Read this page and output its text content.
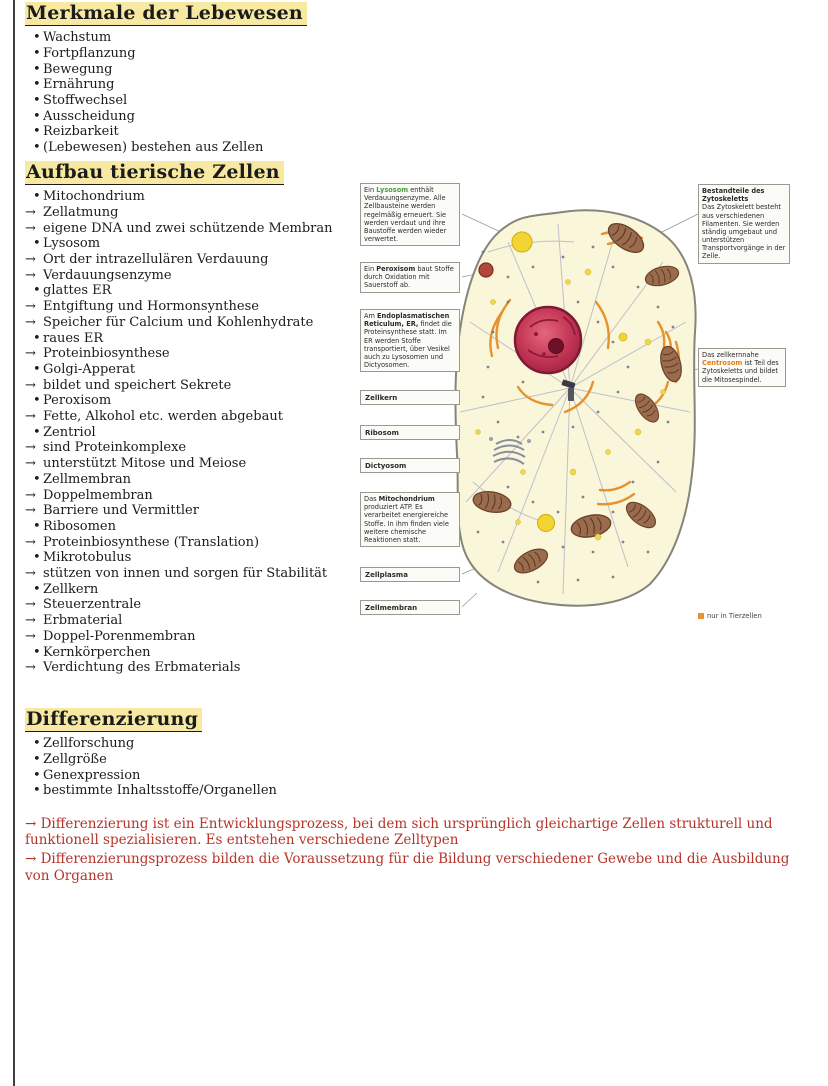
Merkmale der Lebewesen
• Wachstum
• Fortpflanzung
• Bewegung
• Ernährung
• Stoffwechsel
• Ausscheidung
• Reizbarkeit
• (Lebewesen) bestehen aus Zellen
Aufbau tierische Zellen
• Mitochondrium
→ Zellatmung
→ eigene DNA und zwei schützende Membran
• Lysosom
→ Ort der intrazellulären Verdauung
→ Verdauungsenzyme
• glattes ER
→ Entgiftung und Hormonsynthese
→ Speicher für Calcium und Kohlenhydrate
• raues ER
→ Proteinbiosynthese
• Golgi-Apperat
→ bildet und speichert Sekrete
• Peroxisom
→ Fette, Alkohol etc. werden abgebaut
• Zentriol
→ sind Proteinkomplexe
→ unterstützt Mitose und Meiose
• Zellmembran
→ Doppelmembran
→ Barriere und Vermittler
• Ribosomen
→ Proteinbiosynthese (Translation)
• Mikrotobulus
→ stützen von innen und sorgen für Stabilität
• Zellkern
→ Steuerzentrale
→ Erbmaterial
→ Doppel-Porenmembran
• Kernkörperchen
→ Verdichtung des Erbmaterials
Differenzierung
• Zellforschung
• Zellgröße
• Genexpression
• bestimmte Inhaltsstoffe/Organellen

→ Differenzierung ist ein Entwicklungsprozess, bei dem sich ursprünglich gleichartige Zellen strukturell und funktionell spezialisieren. Es entstehen verschiedene Zelltypen

→ Differenzierungsprozess bilden die Voraussetzung für die Bildung verschiedener Gewebe und die Ausbildung von Organen

Ein Lysosom enthält Verdauungsenzyme. Alle Zellbausteine werden regelmäßig erneuert. Sie werden verdaut und ihre Baustoffe werden wieder verwertet.
Ein Peroxisom baut Stoffe durch Oxidation mit Sauerstoff ab.
Am Endoplasmatischen Reticulum, ER, findet die Proteinsynthese statt. Im ER werden Stoffe transportiert, über Vesikel auch zu Lysosomen und Dictyosomen.
Zellkern
Ribosom
Dictyosom
Das Mitochondrium produziert ATP. Es verarbeitet energiereiche Stoffe. In ihm finden viele weitere chemische Reaktionen statt.
Zellplasma
Zellmembran
Bestandteile des Zytoskeletts
Das Zytoskelett besteht aus verschiedenen Filamenten. Sie werden ständig umgebaut und unterstützen Transportvorgänge in der Zelle.
Das zellkernnahe Centrosom ist Teil des Zytoskeletts und bildet die Mitosespindel.
nur in Tierzellen
